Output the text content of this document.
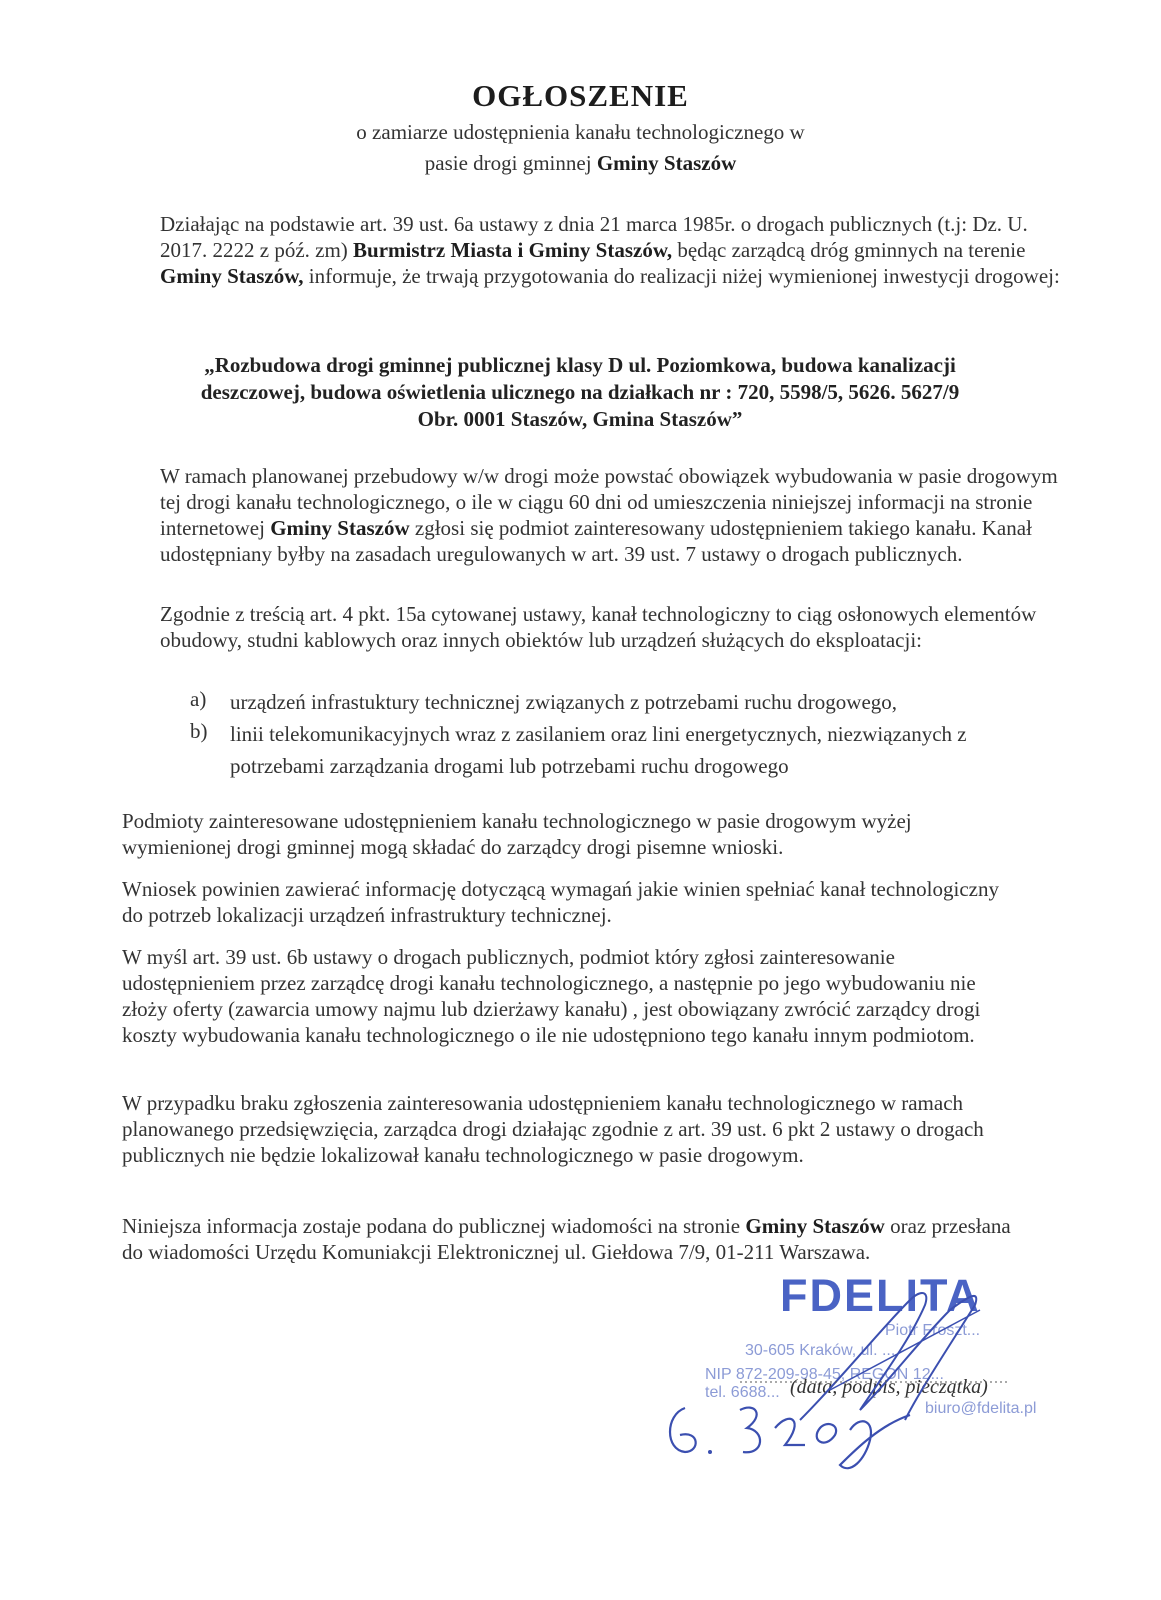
OGŁOSZENIE
o zamiarze udostępnienia kanału technologicznego w
pasie drogi gminnej Gminy Staszów
Działając na podstawie art. 39 ust. 6a ustawy z dnia 21 marca 1985r. o drogach publicznych (t.j: Dz. U. 2017. 2222 z póź. zm) Burmistrz Miasta i Gminy Staszów, będąc zarządcą dróg gminnych na terenie Gminy Staszów, informuje, że trwają przygotowania do realizacji niżej wymienionej inwestycji drogowej:
„Rozbudowa drogi gminnej publicznej klasy D ul. Poziomkowa, budowa kanalizacji
deszczowej, budowa oświetlenia ulicznego na działkach nr : 720, 5598/5, 5626. 5627/9
Obr. 0001 Staszów, Gmina Staszów”
W ramach planowanej przebudowy w/w drogi może powstać obowiązek wybudowania w pasie drogowym tej drogi kanału technologicznego, o ile w ciągu 60 dni od umieszczenia niniejszej informacji na stronie internetowej Gminy Staszów zgłosi się podmiot zainteresowany udostępnieniem takiego kanału. Kanał udostępniany byłby na zasadach uregulowanych w art. 39 ust. 7 ustawy o drogach publicznych.
Zgodnie z treścią art. 4 pkt. 15a cytowanej ustawy, kanał technologiczny to ciąg osłonowych elementów obudowy, studni kablowych oraz innych obiektów lub urządzeń służących do eksploatacji:
a) urządzeń infrastuktury technicznej związanych z potrzebami ruchu drogowego,
b) linii telekomunikacyjnych wraz z zasilaniem oraz lini energetycznych, niezwiązanych z potrzebami zarządzania drogami lub potrzebami ruchu drogowego
Podmioty zainteresowane udostępnieniem kanału technologicznego w pasie drogowym wyżej wymienionej drogi gminnej mogą składać do zarządcy drogi pisemne wnioski.
Wniosek powinien zawierać informację dotyczącą wymagań jakie winien spełniać kanał technologiczny do potrzeb lokalizacji urządzeń infrastruktury technicznej.
W myśl art. 39 ust. 6b ustawy o drogach publicznych, podmiot który zgłosi zainteresowanie udostępnieniem przez zarządcę drogi kanału technologicznego, a następnie po jego wybudowaniu nie złoży oferty (zawarcia umowy najmu lub dzierżawy kanału) , jest obowiązany zwrócić zarządcy drogi koszty wybudowania kanału technologicznego o ile nie udostępniono tego kanału innym podmiotom.
W przypadku braku zgłoszenia zainteresowania udostępnieniem kanału technologicznego w ramach planowanego przedsięwzięcia, zarządca drogi działając zgodnie z art. 39 ust. 6 pkt 2 ustawy o drogach publicznych nie będzie lokalizował kanału technologicznego w pasie drogowym.
Niniejsza informacja zostaje podana do publicznej wiadomości na stronie Gminy Staszów oraz przesłana do wiadomości Urzędu Komuniakcji Elektronicznej ul. Giełdowa 7/9, 01-211 Warszawa.
FDELITA
Piotr Froszt...
30-605 Kraków, ul. ...
NIP 872-209-98-45, REGON 12...
tel. 6688...
biuro@fdelita.pl
(data, podpis, pieczątka)
